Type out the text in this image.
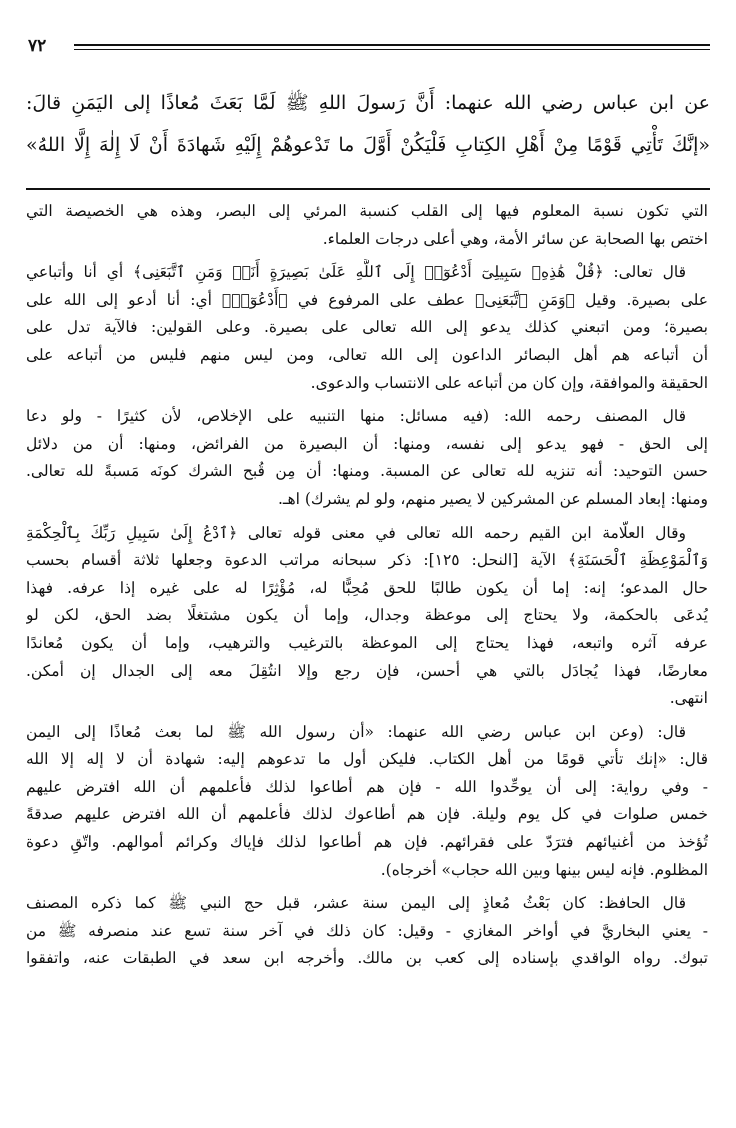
٧٢
عن ابن عباس رضي الله عنهما: أَنَّ رَسولَ اللهِ ﷺ لَمَّا بَعَثَ مُعاذًا إلى اليَمَنِ قالَ:
«إنَّكَ تَأْتِي قَوْمًا مِنْ أَهْلِ الكِتابِ فَلْيَكُنْ أَوَّلَ ما تَدْعوهُمْ إِلَيْهِ شَهادَةَ أَنْ لَا إِلٰهَ إِلَّا اللهُ»
التي تكون نسبة المعلوم فيها إلى القلب كنسبة المرئي إلى البصر، وهذه هي الخصيصة التي
اختص بها الصحابة عن سائر الأمة، وهي أعلى درجات العلماء.
قال تعالى: ﴿قُلْ هَٰذِهِۦ سَبِيلِىٓ أَدْعُوٓا۟ إِلَى ٱللَّهِ عَلَىٰ بَصِيرَةٍ أَنَا۠ وَمَنِ ٱتَّبَعَنِى﴾ أي أنا وأتباعي
على بصيرة. وقيل ﴿وَمَنِ ٱتَّبَعَنِى﴾ عطف على المرفوع في ﴿أَدْعُوٓا۟﴾ أي: أنا أدعو إلى الله على
بصيرة؛ ومن اتبعني كذلك يدعو إلى الله تعالى على بصيرة. وعلى القولين: فالآية تدل على
أن أتباعه هم أهل البصائر الداعون إلى الله تعالى، ومن ليس منهم فليس من أتباعه على
الحقيقة والموافقة، وإن كان من أتباعه على الانتساب والدعوى.
قال المصنف رحمه الله: (فيه مسائل: منها التنبيه على الإخلاص، لأن كثيرًا - ولو دعا
إلى الحق - فهو يدعو إلى نفسه، ومنها: أن البصيرة من الفرائض، ومنها: أن من دلائل
حسن التوحيد: أنه تنزيه لله تعالى عن المسبة. ومنها: أن مِن قُبح الشرك كونَه مَسبةً لله تعالى.
ومنها: إبعاد المسلم عن المشركين لا يصير منهم، ولو لم يشرك) اهـ.
وقال العلّامة ابن القيم رحمه الله تعالى في معنى قوله تعالى ﴿ٱدْعُ إِلَىٰ سَبِيلِ رَبِّكَ بِٱلْحِكْمَةِ
وَٱلْمَوْعِظَةِ ٱلْحَسَنَةِ﴾ الآية [النحل: ١٢٥]: ذكر سبحانه مراتب الدعوة وجعلها ثلاثة أقسام بحسب
حال المدعو؛ إنه: إما أن يكون طالبًا للحق مُحِبًّا له، مُؤْثِرًا له على غيره إذا عرفه. فهذا
يُدعَى بالحكمة، ولا يحتاج إلى موعظة وجدال، وإما أن يكون مشتغلًا بضد الحق، لكن لو
عرفه آثره واتبعه، فهذا يحتاج إلى الموعظة بالترغيب والترهيب، وإما أن يكون مُعاندًا
معارضًا، فهذا يُجادَل بالتي هي أحسن، فإن رجع وإلا انتُقِلَ معه إلى الجدال إن أمكن.
انتهى.
قال: (وعن ابن عباس رضي الله عنهما: «أن رسول الله ﷺ لما بعث مُعاذًا إلى اليمن
قال: «إنك تأتي قومًا من أهل الكتاب. فليكن أول ما تدعوهم إليه: شهادة أن لا إله إلا الله
- وفي رواية: إلى أن يوحِّدوا الله - فإن هم أطاعوا لذلك فأعلمهم أن الله افترض عليهم
خمس صلوات في كل يوم وليلة. فإن هم أطاعوك لذلك فأعلمهم أن الله افترض عليهم صدقةً
تُؤخذ من أغنيائهم فترَدّ على فقرائهم. فإن هم أطاعوا لذلك فإياك وكرائم أموالهم. واتّقِ دعوة
المظلوم. فإنه ليس بينها وبين الله حجاب» أخرجاه).
قال الحافظ: كان بَعْثُ مُعاذٍ إلى اليمن سنة عشر، قبل حج النبي ﷺ كما ذكره المصنف
- يعني البخاريَّ في أواخر المغازي - وقيل: كان ذلك في آخر سنة تسع عند منصرفه ﷺ من
تبوك. رواه الواقدي بإسناده إلى كعب بن مالك. وأخرجه ابن سعد في الطبقات عنه، واتفقوا
